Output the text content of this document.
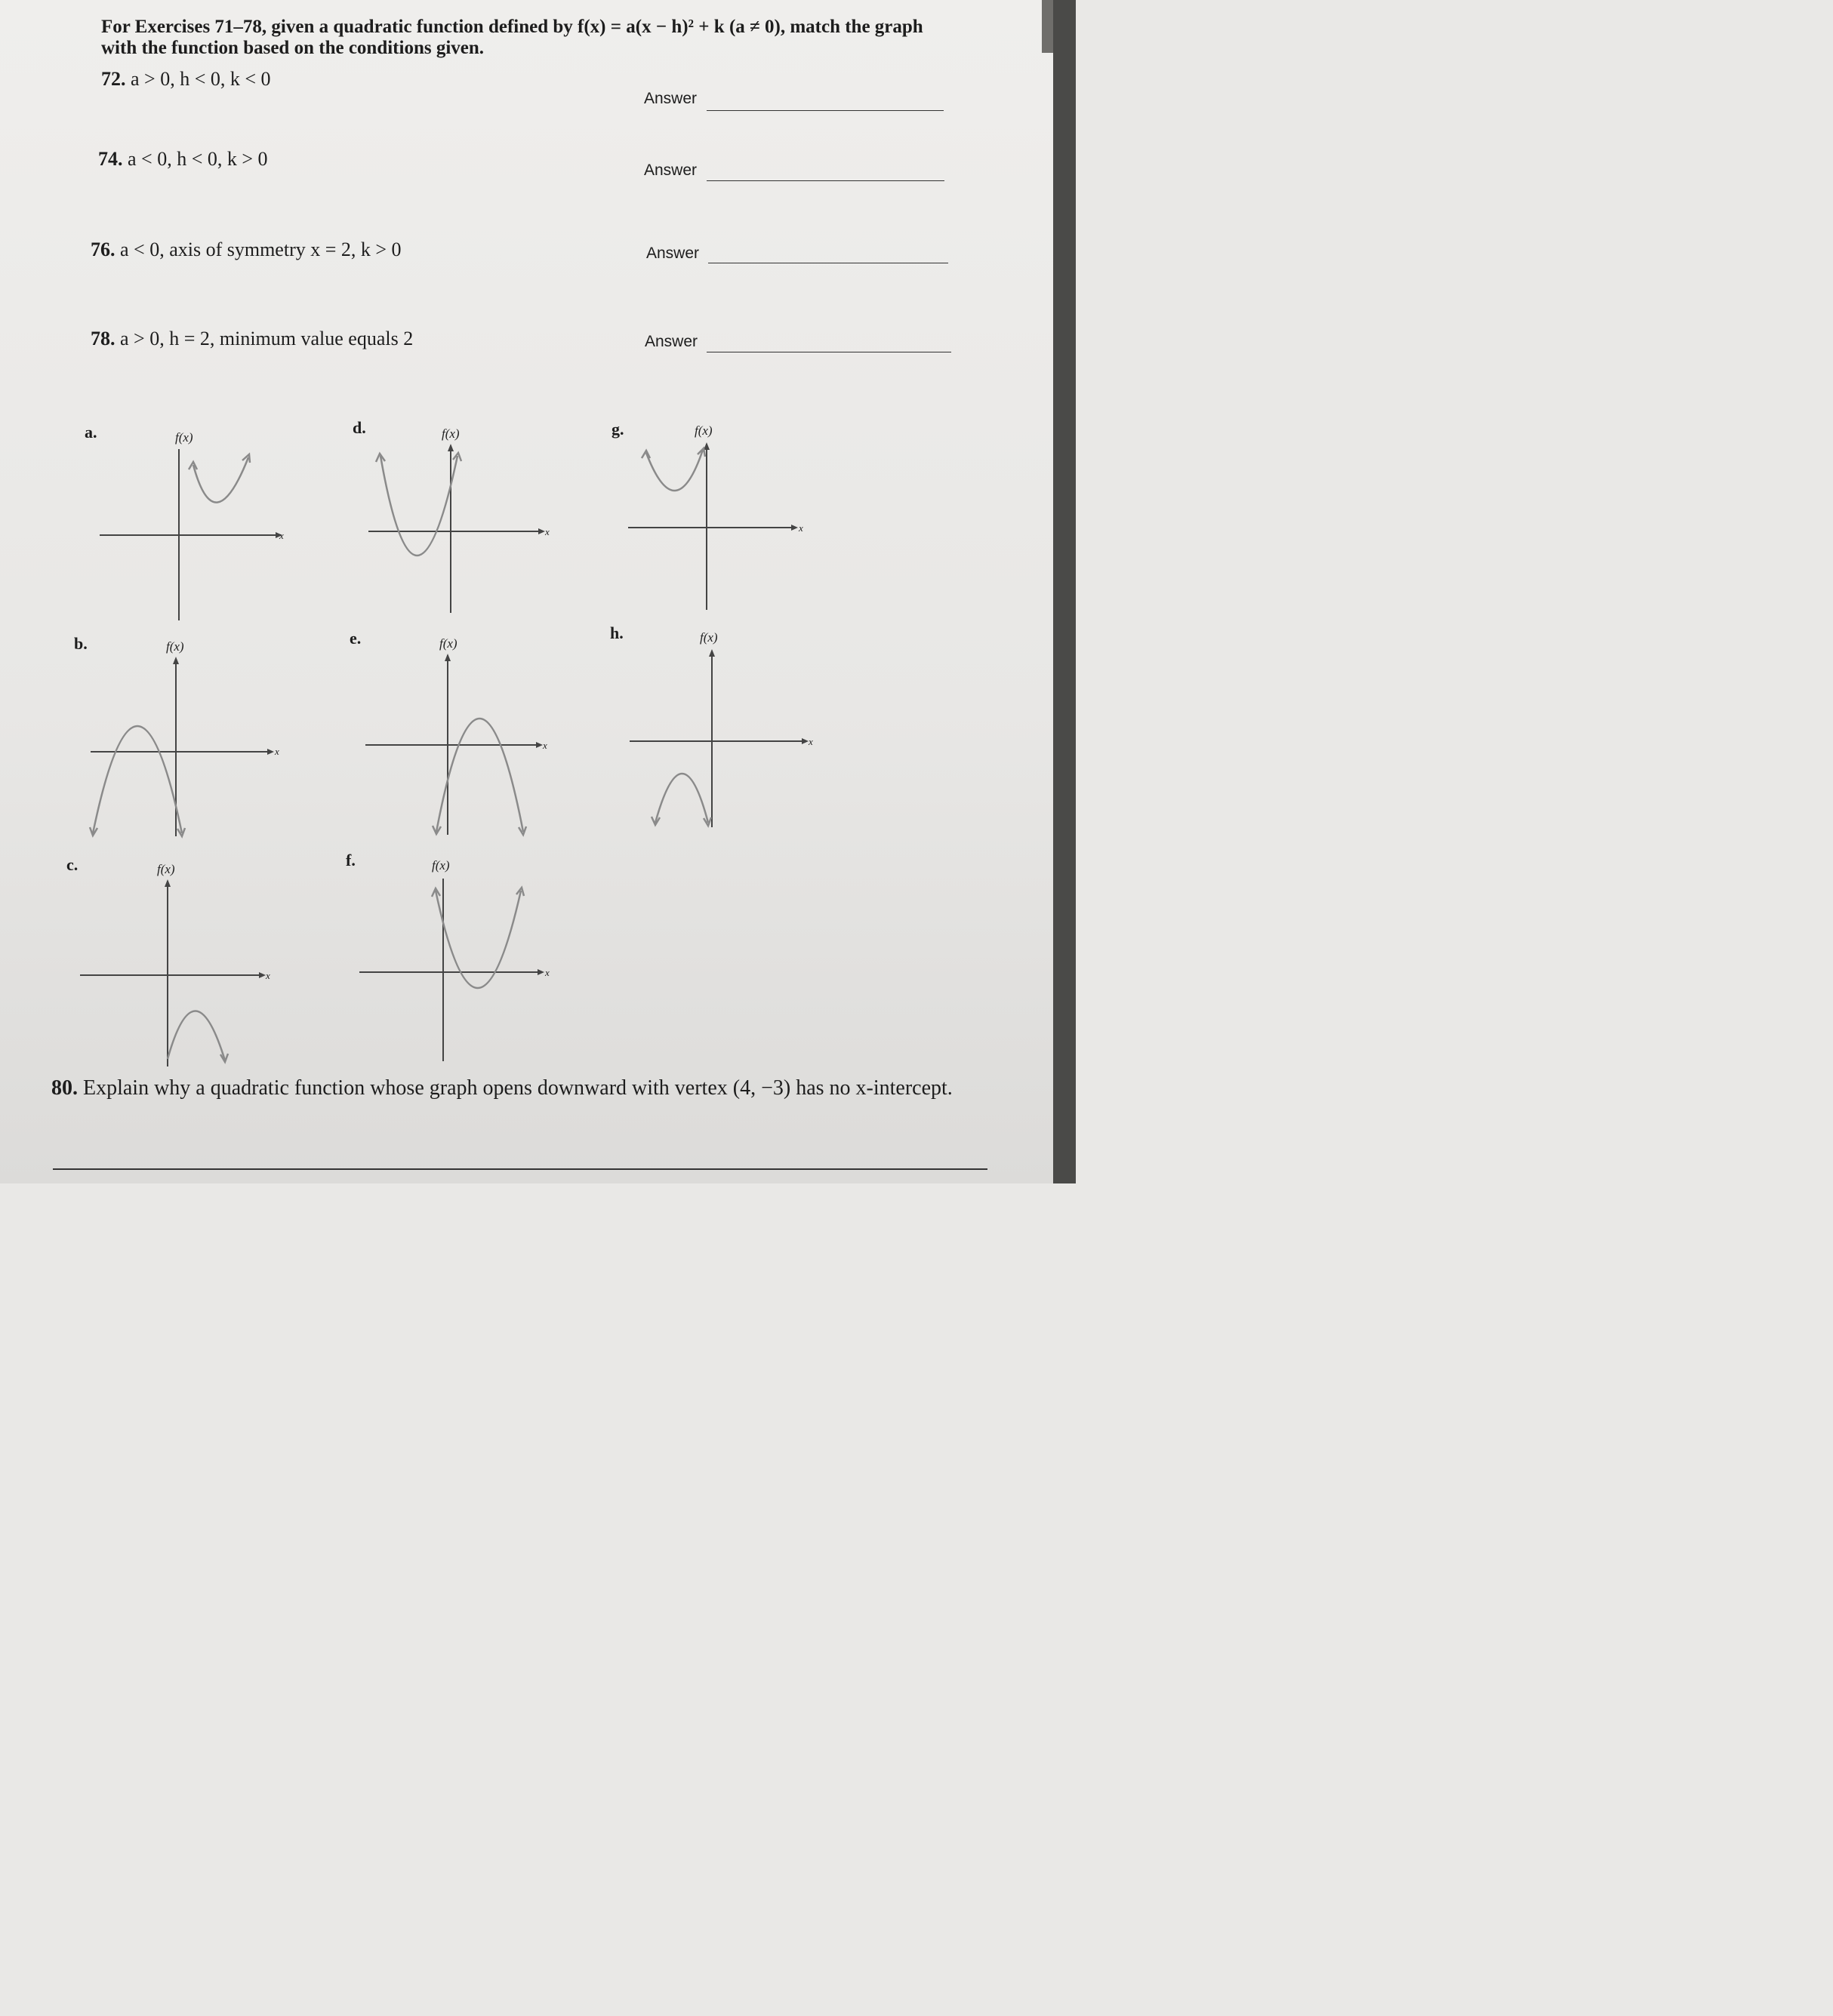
For Exercises 71–78, given a quadratic function defined by f(x) = a(x − h)² + k (a ≠ 0), match the graph with the function based on the conditions given.
72. a > 0, h < 0, k < 0
Answer
74. a < 0, h < 0, k > 0
Answer
76. a < 0, axis of symmetry x = 2, k > 0	Answer
78. a > 0, h = 2, minimum value equals 2	Answer
a.
b.
c.
d.
e.
f.
g.
h.
f(x)
x
f(x)
x
f(x)
x
f(x)
x
f(x)
x
f(x)
x
f(x)
x
f(x)
x
80. Explain why a quadratic function whose graph opens downward with vertex (4, −3) has no x-intercept.
